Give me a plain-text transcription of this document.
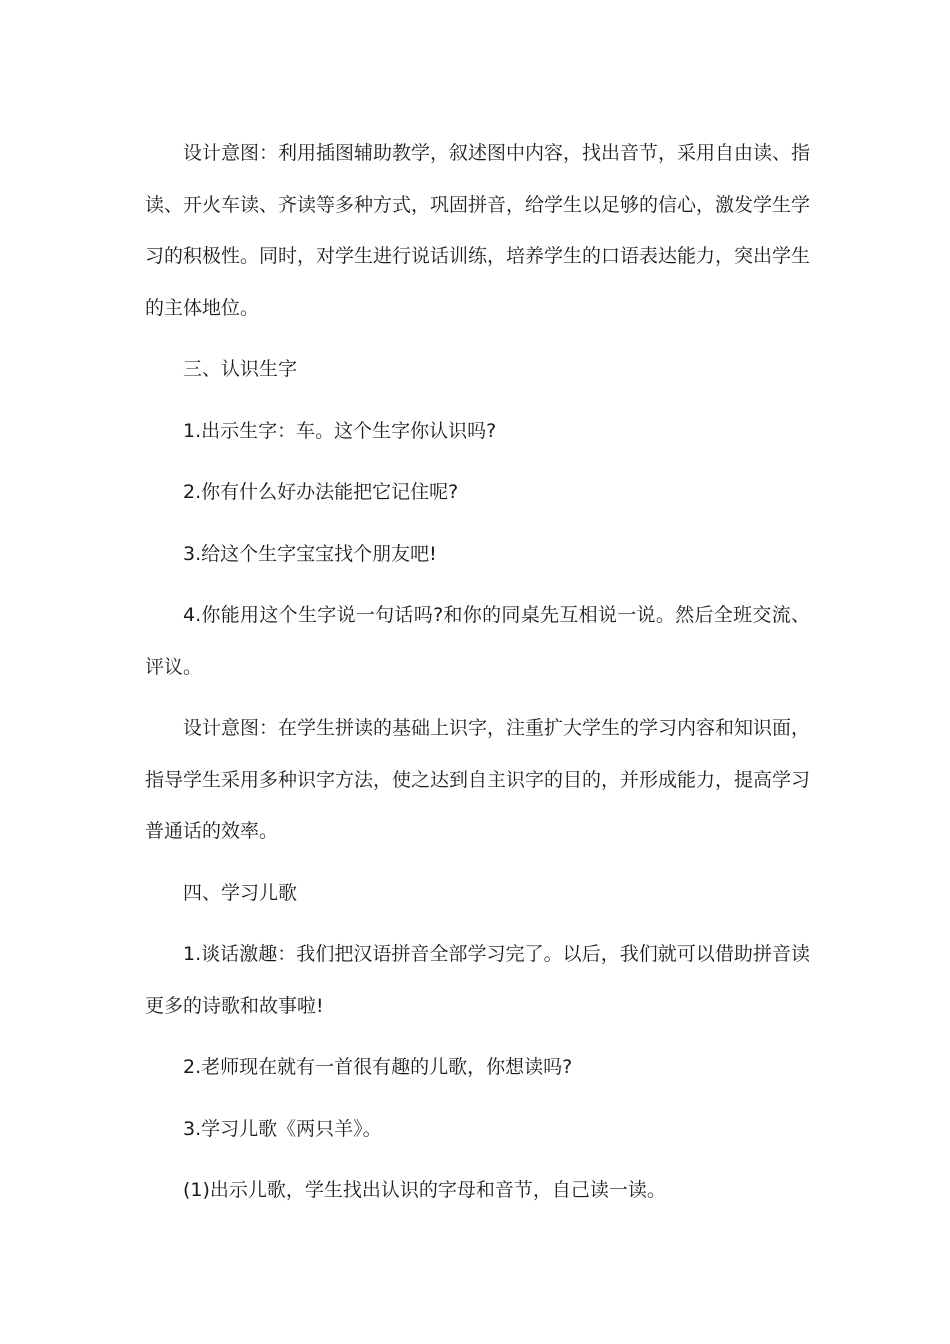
设计意图：利用插图辅助教学，叙述图中内容，找出音节，采用自由读、指读、开火车读、齐读等多种方式，巩固拼音，给学生以足够的信心，激发学生学习的积极性。同时，对学生进行说话训练，培养学生的口语表达能力，突出学生的主体地位。

三、认识生字

1.出示生字：车。这个生字你认识吗?

2.你有什么好办法能把它记住呢?

3.给这个生字宝宝找个朋友吧!

4.你能用这个生字说一句话吗?和你的同桌先互相说一说。然后全班交流、评议。

设计意图：在学生拼读的基础上识字，注重扩大学生的学习内容和知识面，指导学生采用多种识字方法，使之达到自主识字的目的，并形成能力，提高学习普通话的效率。

四、学习儿歌

1.谈话激趣：我们把汉语拼音全部学习完了。以后，我们就可以借助拼音读更多的诗歌和故事啦!

2.老师现在就有一首很有趣的儿歌，你想读吗?

3.学习儿歌《两只羊》。

(1)出示儿歌，学生找出认识的字母和音节，自己读一读。
